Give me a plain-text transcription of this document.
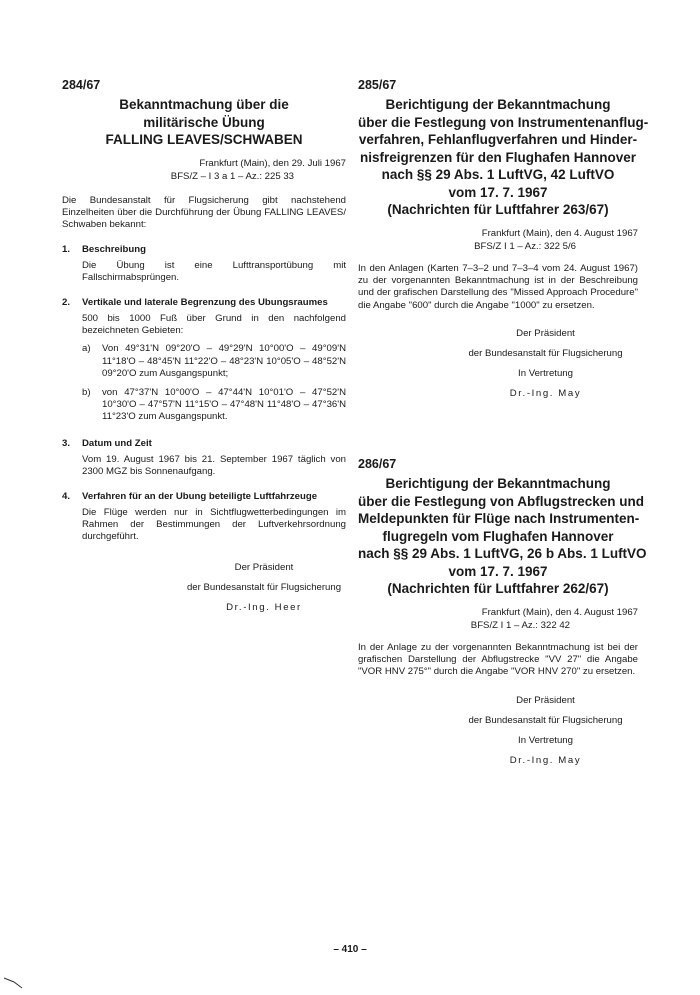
284/67
Bekanntmachung über die
militärische Übung
FALLING LEAVES/SCHWABEN
Frankfurt (Main), den 29. Juli 1967
BFS/Z – I 3 a 1 – Az.: 225 33
Die Bundesanstalt für Flugsicherung gibt nachstehend Einzelheiten über die Durchführung der Übung FALLING LEAVES/ Schwaben bekannt:
1. Beschreibung
Die Übung ist eine Lufttransportübung mit Fallschirmabsprüngen.
2. Vertikale und laterale Begrenzung des Ubungsraumes
500 bis 1000 Fuß über Grund in den nachfolgend bezeichneten Gebieten:
a) Von 49°31'N 09°20'O – 49°29'N 10°00'O – 49°09'N 11°18'O – 48°45'N 11°22'O – 48°23'N 10°05'O – 48°52'N 09°20'O zum Ausgangspunkt;
b) von 47°37'N 10°00'O – 47°44'N 10°01'O – 47°52'N 10°30'O – 47°57'N 11°15'O – 47°48'N 11°48'O – 47°36'N 11°23'O zum Ausgangspunkt.
3. Datum und Zeit
Vom 19. August 1967 bis 21. September 1967 täglich von 2300 MGZ bis Sonnenaufgang.
4. Verfahren für an der Ubung beteiligte Luftfahrzeuge
Die Flüge werden nur in Sichtflugwetterbedingungen im Rahmen der Bestimmungen der Luftverkehrsordnung durchgeführt.
Der Präsident
der Bundesanstalt für Flugsicherung
Dr.-Ing. Heer
285/67
Berichtigung der Bekanntmachung
über die Festlegung von Instrumentenanflug-
verfahren, Fehlanflugverfahren und Hinder-
nisfreigrenzen für den Flughafen Hannover
nach §§ 29 Abs. 1 LuftVG, 42 LuftVO
vom 17. 7. 1967
(Nachrichten für Luftfahrer 263/67)
Frankfurt (Main), den 4. August 1967
BFS/Z I 1 – Az.: 322 5/6
In den Anlagen (Karten 7–3–2 und 7–3–4 vom 24. August 1967) zu der vorgenannten Bekanntmachung ist in der Beschreibung und der grafischen Darstellung des "Missed Approach Procedure" die Angabe "600" durch die Angabe "1000" zu ersetzen.
Der Präsident
der Bundesanstalt für Flugsicherung
In Vertretung
Dr.-Ing. May
286/67
Berichtigung der Bekanntmachung
über die Festlegung von Abflugstrecken und
Meldepunkten für Flüge nach Instrumenten-
flugregeln vom Flughafen Hannover
nach §§ 29 Abs. 1 LuftVG, 26 b Abs. 1 LuftVO
vom 17. 7. 1967
(Nachrichten für Luftfahrer 262/67)
Frankfurt (Main), den 4. August 1967
BFS/Z I 1 – Az.: 322 42
In der Anlage zu der vorgenannten Bekanntmachung ist bei der grafischen Darstellung der Abflugstrecke "VV 27" die Angabe "VOR HNV 275°" durch die Angabe "VOR HNV 270" zu ersetzen.
Der Präsident
der Bundesanstalt für Flugsicherung
In Vertretung
Dr.-Ing. May
– 410 –
